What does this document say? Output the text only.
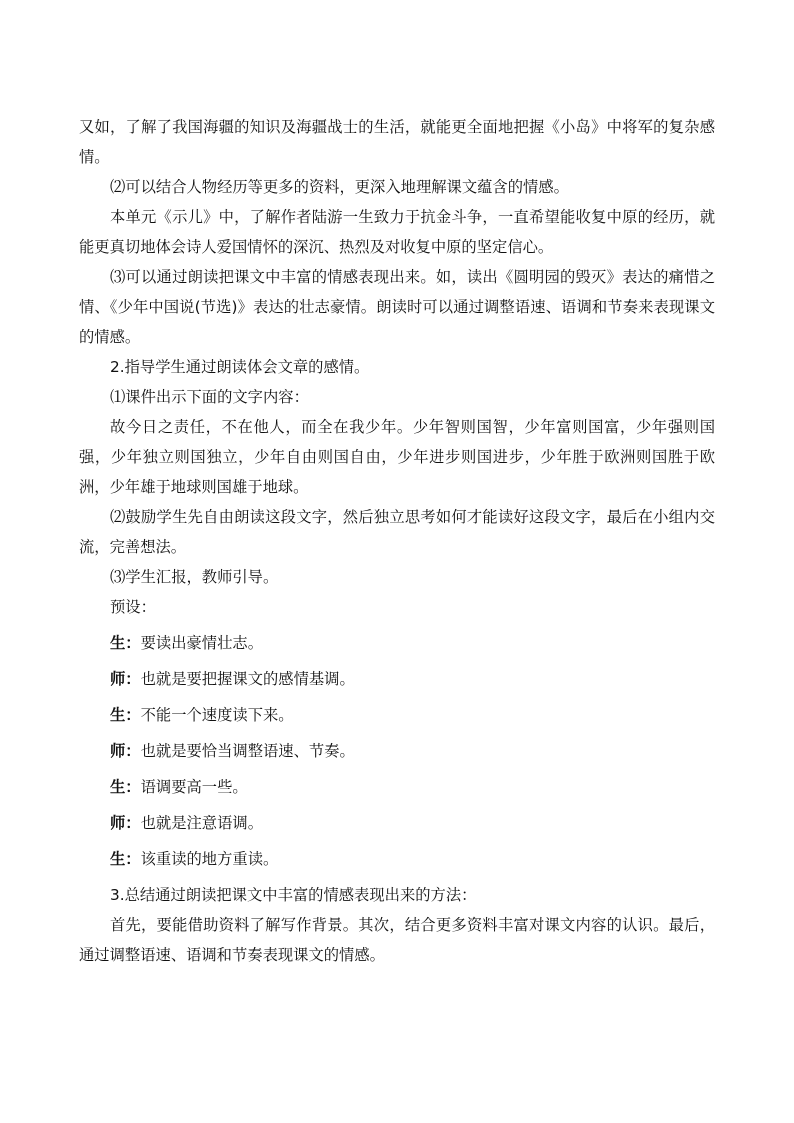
又如，了解了我国海疆的知识及海疆战士的生活，就能更全面地把握《小岛》中将军的复杂感情。

⑵可以结合人物经历等更多的资料，更深入地理解课文蕴含的情感。

本单元《示儿》中，了解作者陆游一生致力于抗金斗争，一直希望能收复中原的经历，就能更真切地体会诗人爱国情怀的深沉、热烈及对收复中原的坚定信心。

⑶可以通过朗读把课文中丰富的情感表现出来。如，读出《圆明园的毁灭》表达的痛惜之情、《少年中国说(节选)》表达的壮志豪情。朗读时可以通过调整语速、语调和节奏来表现课文的情感。

2.指导学生通过朗读体会文章的感情。

⑴课件出示下面的文字内容：

故今日之责任，不在他人，而全在我少年。少年智则国智，少年富则国富，少年强则国强，少年独立则国独立，少年自由则国自由，少年进步则国进步，少年胜于欧洲则国胜于欧洲，少年雄于地球则国雄于地球。

⑵鼓励学生先自由朗读这段文字，然后独立思考如何才能读好这段文字，最后在小组内交流，完善想法。

⑶学生汇报，教师引导。

预设：

生：要读出豪情壮志。

师：也就是要把握课文的感情基调。

生：不能一个速度读下来。

师：也就是要恰当调整语速、节奏。

生：语调要高一些。

师：也就是注意语调。

生：该重读的地方重读。

3.总结通过朗读把课文中丰富的情感表现出来的方法：

首先，要能借助资料了解写作背景。其次，结合更多资料丰富对课文内容的认识。最后，通过调整语速、语调和节奏表现课文的情感。
